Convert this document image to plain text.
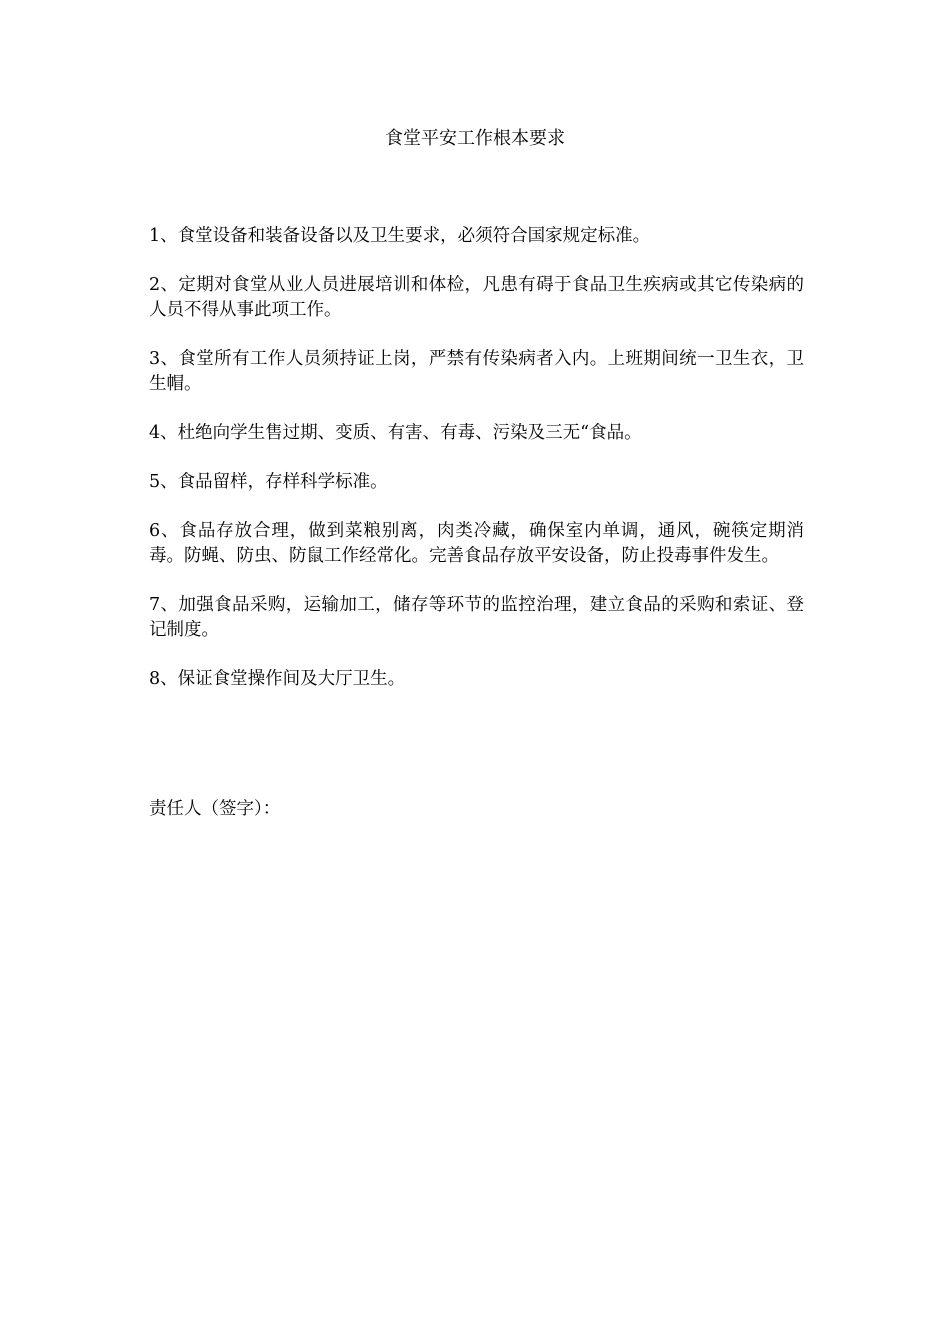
食堂平安工作根本要求
1、食堂设备和装备设备以及卫生要求，必须符合国家规定标准。
2、定期对食堂从业人员进展培训和体检，凡患有碍于食品卫生疾病或其它传染病的人员不得从事此项工作。
3、食堂所有工作人员须持证上岗，严禁有传染病者入内。上班期间统一卫生衣，卫生帽。
4、杜绝向学生售过期、变质、有害、有毒、污染及三无“食品。
5、食品留样，存样科学标准。
6、食品存放合理，做到菜粮别离，肉类冷藏，确保室内单调，通风，碗筷定期消毒。防蝇、防虫、防鼠工作经常化。完善食品存放平安设备，防止投毒事件发生。
7、加强食品采购，运输加工，储存等环节的监控治理，建立食品的采购和索证、登记制度。
8、保证食堂操作间及大厅卫生。

责任人（签字）：
